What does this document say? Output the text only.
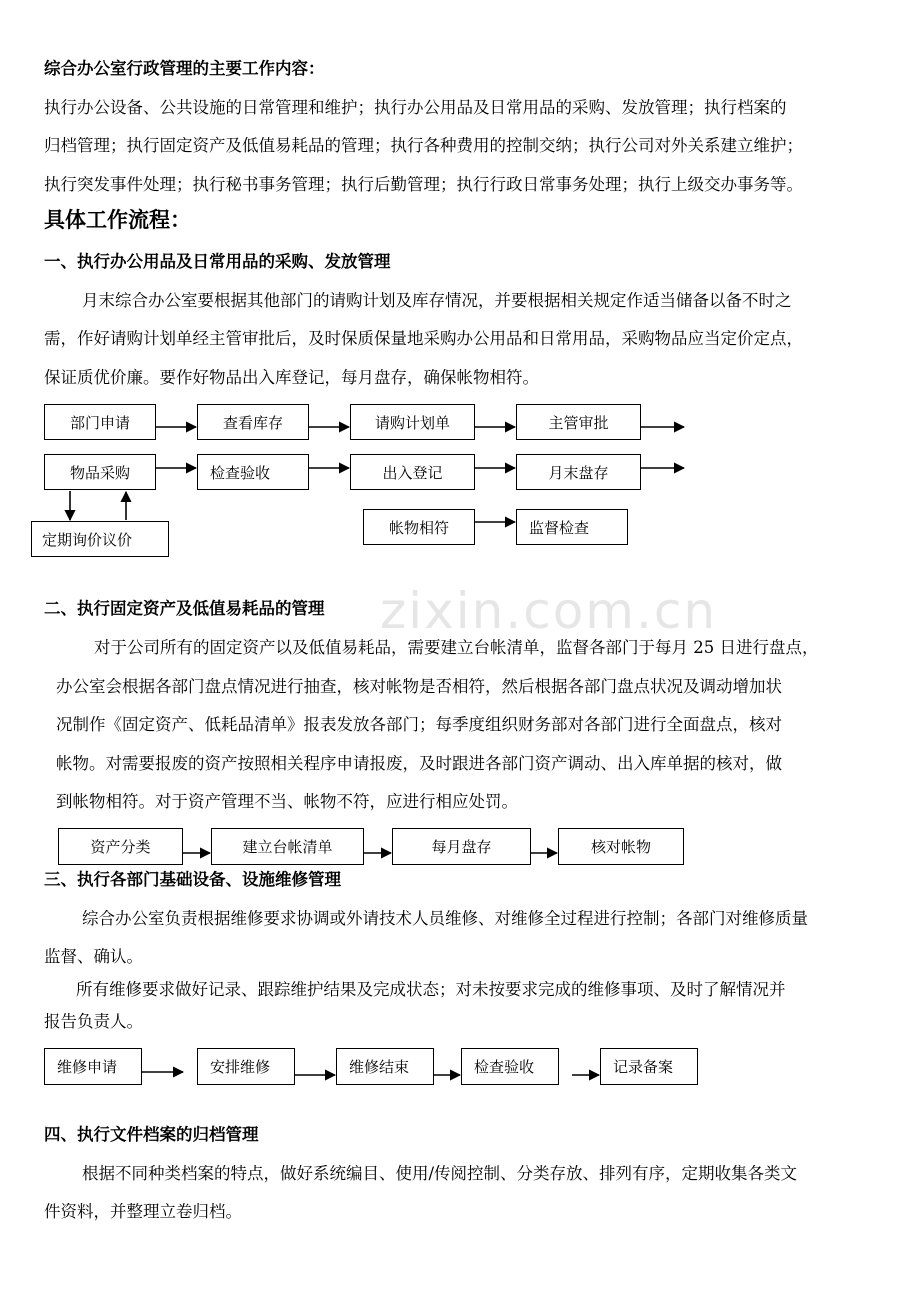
zixin.com.cn
综合办公室行政管理的主要工作内容：
执行办公设备、公共设施的日常管理和维护；执行办公用品及日常用品的采购、发放管理；执行档案的
归档管理；执行固定资产及低值易耗品的管理；执行各种费用的控制交纳；执行公司对外关系建立维护；
执行突发事件处理；执行秘书事务管理；执行后勤管理；执行行政日常事务处理；执行上级交办事务等。
具体工作流程：
一、执行办公用品及日常用品的采购、发放管理
月末综合办公室要根据其他部门的请购计划及库存情况，并要根据相关规定作适当储备以备不时之
需，作好请购计划单经主管审批后，及时保质保量地采购办公用品和日常用品，采购物品应当定价定点，
保证质优价廉。要作好物品出入库登记，每月盘存，确保帐物相符。
部门申请	查看库存	请购计划单	主管审批
物品采购	检查验收	出入登记	月末盘存
定期询价议价
帐物相符	监督检查
二、执行固定资产及低值易耗品的管理
对于公司所有的固定资产以及低值易耗品，需要建立台帐清单，监督各部门于每月 25 日进行盘点，
办公室会根据各部门盘点情况进行抽查，核对帐物是否相符，然后根据各部门盘点状况及调动增加状
况制作《固定资产、低耗品清单》报表发放各部门；每季度组织财务部对各部门进行全面盘点，核对
帐物。对需要报废的资产按照相关程序申请报废，及时跟进各部门资产调动、出入库单据的核对，做
到帐物相符。对于资产管理不当、帐物不符，应进行相应处罚。
资产分类	建立台帐清单	每月盘存	核对帐物
三、执行各部门基础设备、设施维修管理
综合办公室负责根据维修要求协调或外请技术人员维修、对维修全过程进行控制；各部门对维修质量
监督、确认。
所有维修要求做好记录、跟踪维护结果及完成状态；对未按要求完成的维修事项、及时了解情况并
报告负责人。
维修申请	安排维修	维修结束	检查验收	记录备案
四、执行文件档案的归档管理
根据不同种类档案的特点，做好系统编目、使用/传阅控制、分类存放、排列有序，定期收集各类文
件资料，并整理立卷归档。
